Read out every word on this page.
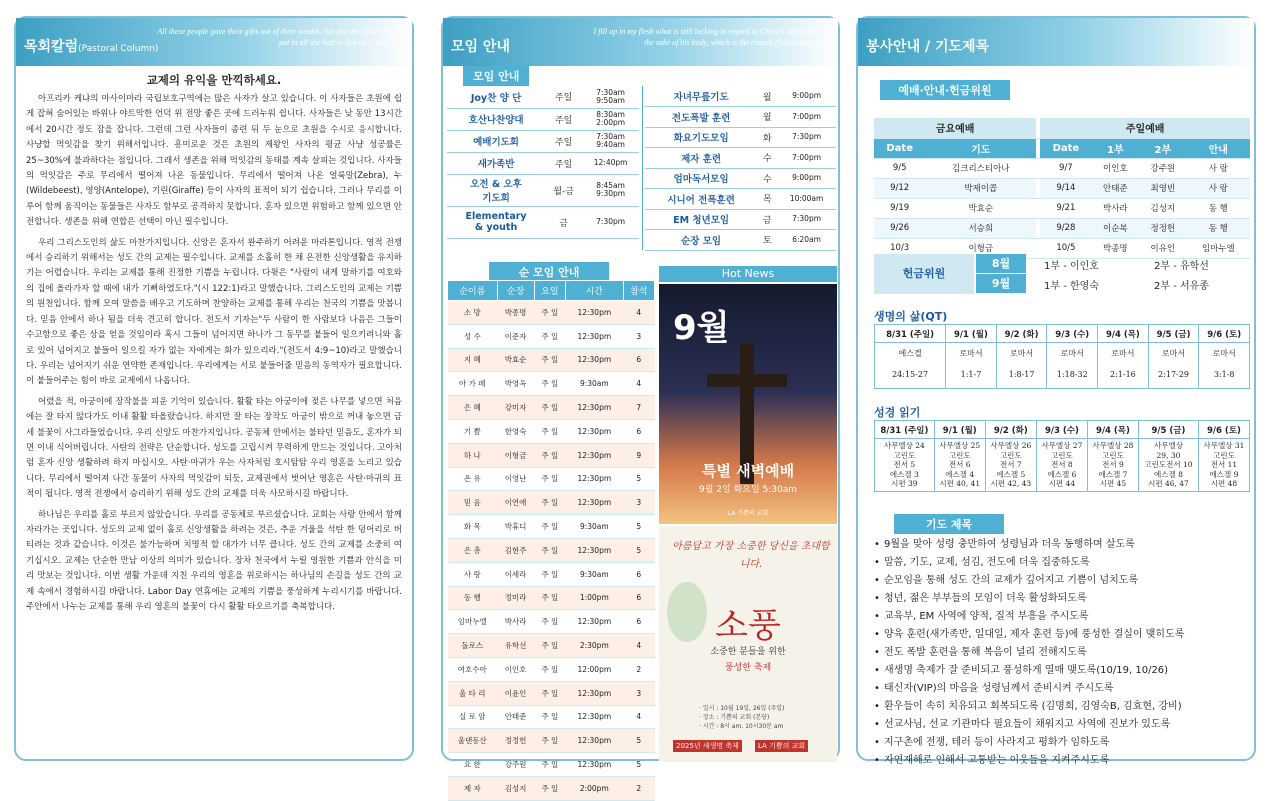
목회칼럼(Pastoral Column)
All these people gave their gifts out of their wealth; but she out of her poverty put in all she had to live on (Luke 21:4)
교제의 유익을 만끽하세요.
아프리카 케냐의 마사이마라 국립보호구역에는 많은 사자가 살고 있습니다. 이 사자들은 초원에 쉽게 잡혀 숨어있는 바위나 야트막한 언덕 위 전망 좋은 곳에 드러누워 쉽니다. 사자들은 낮 동안 13시간에서 20시간 정도 잠을 잡니다. 그런데 그런 사자들이 종련 뒤 두 눈으로 초원을 수시로 응시합니다. 사냥할 먹잇감을 찾기 위해서입니다. 흥미로운 것은 초원의 제왕인 사자의 평균 사냥 성공률은 25~30%에 불과하다는 점입니다. 그래서 생존을 위해 먹잇감의 동태를 계속 살피는 것입니다. 사자들의 먹잇감은 주로 무리에서 떨어져 나온 동물입니다. 무리에서 떨어져 나온 얼룩말(Zebra), 누(Wildebeest), 영양(Antelope), 기린(Giraffe) 등이 사자의 표적이 되기 쉽습니다. 그러나 무리를 이루어 함께 움직이는 동물들은 사자도 함부로 공격하지 못합니다. 혼자 있으면 위험하고 함께 있으면 안전합니다. 생존을 위해 연합은 선택이 아닌 필수입니다.
우리 그리스도인의 삶도 마찬가지입니다. 신앙은 혼자서 완주하기 어려운 마라톤입니다. 영적 전쟁에서 승리하기 위해서는 성도 간의 교제는 필수입니다. 교제를 소홀히 한 채 온전한 신앙생활을 유지하기는 어렵습니다. 우리는 교제를 통해 진정한 기쁨을 누립니다. 다윗은 "사람이 내게 말하기를 여호와의 집에 올라가자 할 때에 내가 기뻐하였도다."(시 122:1)라고 말했습니다. 그리스도인의 교제는 기쁨의 원천입니다. 함께 모여 말씀을 배우고 기도하며 찬양하는 교제를 통해 우리는 천국의 기쁨을 맛봅니다. 믿음 안에서 하나 됨을 더욱 견고히 합니다. 전도서 기자는"두 사람이 한 사람보다 나음은 그들이 수고함으로 좋은 상을 얻을 것임이라 혹시 그들이 넘어지면 하나가 그 동무를 붙들어 일으키려니와 홀로 있어 넘어지고 붙들어 일으킬 자가 없는 자에게는 화가 있으리라."(전도서 4:9~10)라고 말했습니다. 우리는 넘어지기 쉬운 연약한 존재입니다. 우리에게는 서로 붙들어줄 믿음의 동역자가 필요합니다. 이 붙들어주는 힘이 바로 교제에서 나옵니다.
어렸을 적, 아궁이에 장작불을 피운 기억이 있습니다. 활활 타는 아궁이에 젖은 나무를 넣으면 처음에는 잘 타지 않다가도 이내 활활 타올랐습니다. 하지만 잘 타는 장작도 아궁이 밖으로 꺼내 놓으면 금세 불꽃이 사그라들었습니다. 우리 신앙도 마찬가지입니다. 공동체 안에서는 불타던 믿음도, 혼자가 되면 이내 식어버립니다. 사탄의 전략은 단순합니다. 성도를 고립시켜 무력하게 만드는 것입니다. 고아처럼 혼자 신앙 생활하려 하지 마십시오. 사탄·마귀가 우는 사자처럼 호시탐탐 우리 영혼을 노리고 있습니다. 무리에서 떨어져 나간 동물이 사자의 먹잇감이 되듯, 교제권에서 벗어난 영혼은 사탄·마귀의 표적이 됩니다. 영적 전쟁에서 승리하기 위해 성도 간의 교제를 더욱 사모하시길 바랍니다.
하나님은 우리를 홀로 부르지 않았습니다. 우리를 공동체로 부르셨습니다. 교회는 사랑 안에서 함께 자라가는 곳입니다. 성도의 교제 없이 홀로 신앙생활을 하려는 것은, 추운 겨울을 석탄 한 덩어리로 버티려는 것과 같습니다. 이것은 불가능하며 치명적 할 대가가 너무 큽니다. 성도 간의 교제를 소중히 여기십시오. 교제는 단순한 만남 이상의 의미가 있습니다. 장차 천국에서 누릴 영원한 기쁨과 안식을 미리 맛보는 것입니다. 이번 생활 가운데 지친 우리의 영혼을 위로하시는 하나님의 손길을 성도 간의 교제 속에서 경험하시길 바랍니다. Labor Day 연휴에는 교제의 기쁨을 풍성하게 누리시기를 바랍니다. 주안에서 나누는 교제를 통해 우리 영혼의 불꽃이 다시 활활 타오르기를 축복합니다.
모임 안내
I fill up in my flesh what is still lacking in regard to Christ's afflictions, for the sake of his body, which is the church (Colossians 1:24)
모임 안내
Joy찬 양 단	주일	7:30am
9:50am
호산나찬양대	주일	8:30am
2:00pm
예배기도회	주일	7:30am
9:40am
새가족반	주일	12:40pm
오전 & 오후
기도회	월-금	8:45am
9:30pm
Elementary
& youth	금	7:30pm
자녀무릎기도	월	9:00pm
전도폭발 훈련	월	7:00pm
화요기도모임	화	7:30pm
제자 훈련	수	7:00pm
엄마독서모임	수	9:00pm
시니어 전폭훈련	목	10:00am
EM 청년모임	금	7:30pm
순장 모임	토	6:20am
순 모임 안내
순이름	순장	요일	시간	참석
소 망	박종명	주 일	12:30pm	4
성 수	이준자	주 일	12:30pm	3
지 혜	박효순	주 일	12:30pm	6
아 가 페	박영옥	주 일	9:30am	4
은 혜	강미자	주 일	12:30pm	7
기 쁨	한영숙	주 일	12:30pm	6
하 나	이형금	주 일	12:30pm	9
온 유	이영난	주 일	12:30pm	5
믿 음	이연애	주 일	12:30pm	3
화 목	박휴디	주 일	9:30am	5
은 총	김현주	주 일	12:30pm	5
사 랑	이세라	주 일	9:30am	6
동 행	정미라	주 일	1:00pm	6
임마누엘	박사라	주 일	12:30pm	6
돌로스	유학선	주 일	2:30pm	4
여호수아	이인호	주 일	12:00pm	2
울 타 리	이윤인	주 일	12:30pm	3
실 로 암	안태준	주 일	12:30pm	4
울댄동산	정정헌	주 일	12:30pm	5
요 한	강주원	주 일	12:30pm	5
제 자	김성지	주 일	2:00pm	2
Hot News
9월
특별 새벽예배
9월 2일 화요일 5:30am
LA 기쁨의 교회
아름답고 가장 소중한 당신을 초대합니다.
소풍
소중한 분들을 위한
풍성한 축제
· 일시 : 10월 19일, 26일 (주일)
· 장소 : 기쁨의 교회 (본당)
· 시간 : 8시 am, 10시30분 am
2025년 새생명 축제	LA 기쁨의 교회
봉사안내 / 기도제목
예배·안내·헌금위원
금요예배			주일예배			
Date	기도		Date	1부	2부	안내
9/5	김크리스티아나		9/7	이인호	강주원	사 랑
9/12	박제이콥		9/14	안태준	최영빈	사 랑
9/19	박효순		9/21	박사라	김성지	동 행
9/26	서승희		9/28	이순복	정정헌	동 행
10/3	이형금		10/5	박종명	이유인	임마누엘
헌금위원
8월	1부 - 이인호	2부 - 유학선
9월	1부 - 한영숙	2부 - 서유종
생명의 삶(QT)
8/31 (주일)	9/1 (월)	9/2 (화)	9/3 (수)	9/4 (목)	9/5 (금)	9/6 (토)
에스겔	로마서	로마서	로마서	로마서	로마서	로마서
24:15-27	1:1-7	1:8-17	1:18-32	2:1-16	2:17-29	3:1-8
성경 읽기
8/31 (주일)	9/1 (월)	9/2 (화)	9/3 (수)	9/4 (목)	9/5 (금)	9/6 (토)
사무엘상 24
고린도
전서 5
에스겔 3
시편 39	사무엘상 25
고린도
전서 6
에스겔 4
시편 40, 41	사무엘상 26
고린도
전서 7
에스겔 5
시편 42, 43	사무엘상 27
고린도
전서 8
에스겔 6
시편 44	사무엘상 28
고린도
전서 9
에스겔 7
시편 45	사무엘상
29, 30
고린도전서 10
에스겔 8
시편 46, 47	사무엘상 31
고린도
전서 11
에스겔 9
시편 48
기도 제목
• 9월을 맞아 성령 충만하여 성령님과 더욱 동행하며 살도록
• 말씀, 기도, 교제, 섬김, 전도에 더욱 집중하도록
• 순모임을 통해 성도 간의 교제가 깊어지고 기쁨이 넘치도록
• 청년, 젊은 부부들의 모임이 더욱 활성화되도록
• 교육부, EM 사역에 양적, 질적 부흥을 주시도록
• 양육 훈련(새가족반, 일대일, 제자 훈련 등)에 풍성한 결실이 맺히도록
• 전도 폭발 훈련을 통해 복음이 널리 전해지도록
• 새생명 축제가 잘 준비되고 풍성하게 열매 맺도록(10/19, 10/26)
• 태신자(VIP)의 마음을 성령님께서 준비시켜 주시도록
• 환우들이 속히 치유되고 회복되도록 (김명희, 김영숙B, 김효현, 강비)
• 선교사님, 선교 기관마다 필요들이 채워지고 사역에 진보가 있도록
• 지구촌에 전쟁, 테러 등이 사라지고 평화가 임하도록
• 자연재해로 인해서 고통받는 이웃들을 지켜주시도록
